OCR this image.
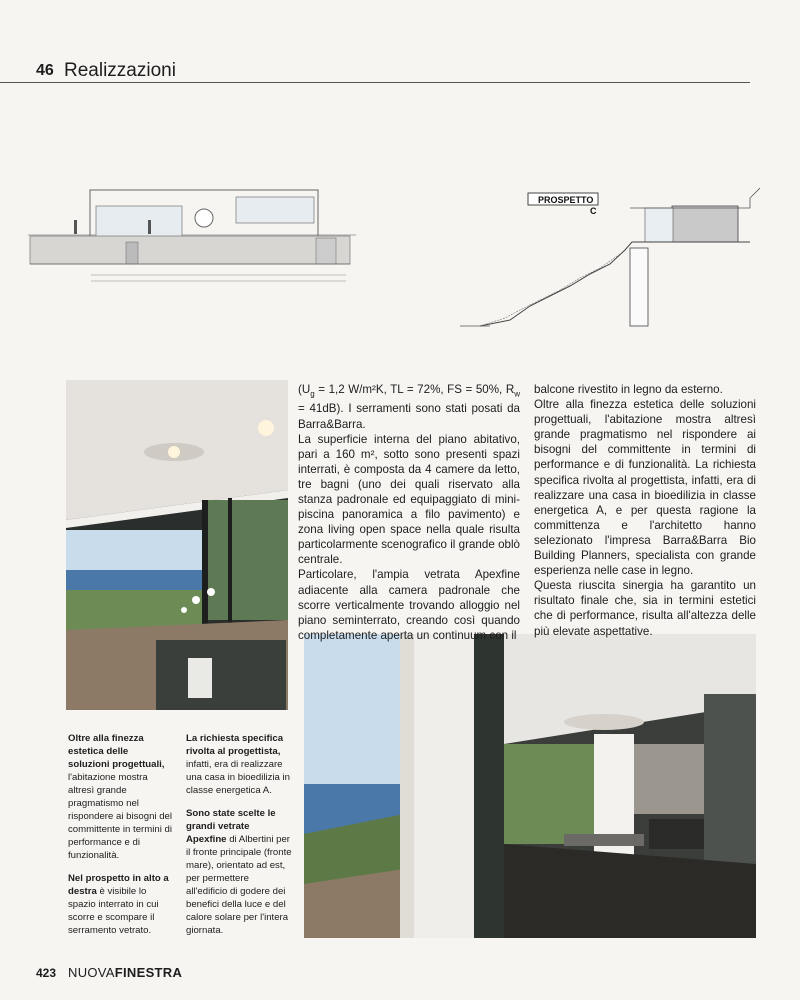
46 Realizzazioni
PROSPETTO
C

($U_g = 1,2$ W/m²K, TL = 72%, FS = 50%, $R_w = 41dB$). I serramenti sono stati posati da Barra&Barra.

La superficie interna del piano abitativo, pari a 160 m², sotto sono presenti spazi interrati, è composta da 4 camere da letto, tre bagni (uno dei quali riservato alla stanza padronale ed equipaggiato di mini-piscina panoramica a filo pavimento) e zona living open space nella quale risulta particolarmente scenografico il grande oblò centrale.

Particolare, l'ampia vetrata Apexfine adiacente alla camera padronale che scorre verticalmente trovando alloggio nel piano seminterrato, creando così quando completamente aperta un continuum con il

balcone rivestito in legno da esterno.

Oltre alla finezza estetica delle soluzioni progettuali, l'abitazione mostra altresì grande pragmatismo nel rispondere ai bisogni del committente in termini di performance e di funzionalità. La richiesta specifica rivolta al progettista, infatti, era di realizzare una casa in bioedilizia in classe energetica A, e per questa ragione la committenza e l'architetto hanno selezionato l'impresa Barra&Barra Bio Building Planners, specialista con grande esperienza nelle case in legno.

Questa riuscita sinergia ha garantito un risultato finale che, sia in termini estetici che di performance, risulta all'altezza delle più elevate aspettative.

Oltre alla finezza estetica delle soluzioni progettuali, l'abitazione mostra altresì grande pragmatismo nel rispondere ai bisogni del committente in termini di performance e di funzionalità.

Nel prospetto in alto a destra è visibile lo spazio interrato in cui scorre e scompare il serramento vetrato.

La richiesta specifica rivolta al progettista, infatti, era di realizzare una casa in bioedilizia in classe energetica A.

Sono state scelte le grandi vetrate Apexfine di Albertini per il fronte principale (fronte mare), orientato ad est, per permettere all'edificio di godere dei benefici della luce e del calore solare per l'intera giornata.

423 NUOVAFINESTRA
